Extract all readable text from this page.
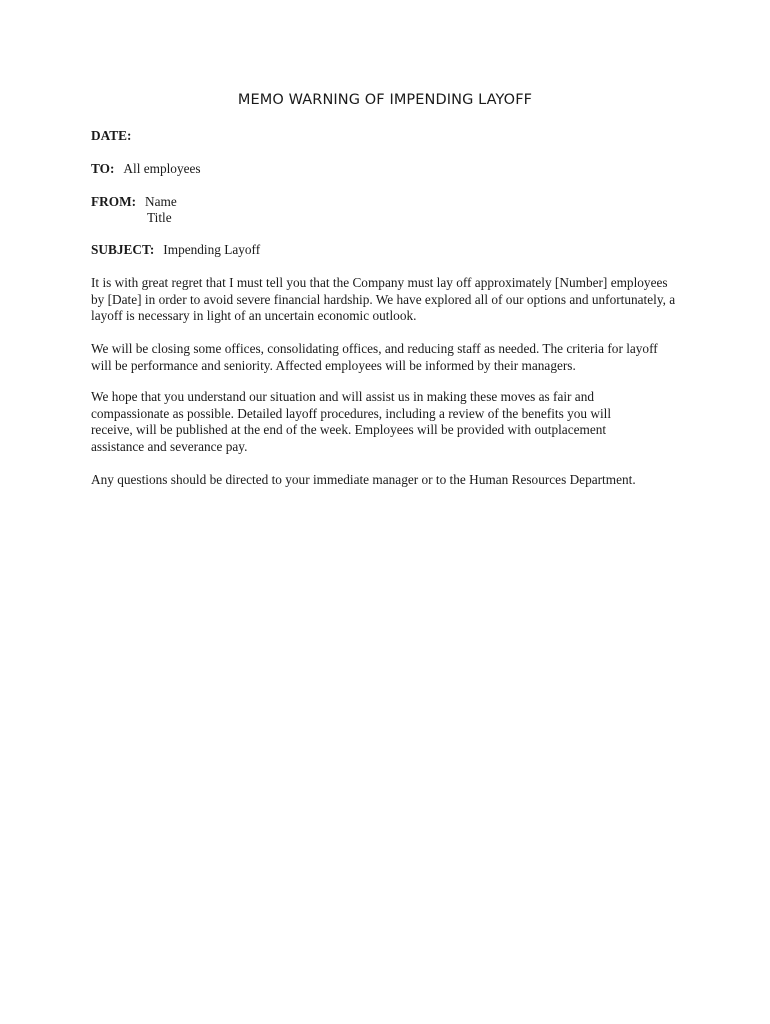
MEMO WARNING OF IMPENDING LAYOFF

DATE:

TO: All employees

FROM: Name

Title

SUBJECT: Impending Layoff

It is with great regret that I must tell you that the Company must lay off approximately [Number] employees by [Date] in order to avoid severe financial hardship. We have explored all of our options and unfortunately, a layoff is necessary in light of an uncertain economic outlook.

We will be closing some offices, consolidating offices, and reducing staff as needed. The criteria for layoff will be performance and seniority. Affected employees will be informed by their managers.

We hope that you understand our situation and will assist us in making these moves as fair and compassionate as possible. Detailed layoff procedures, including a review of the benefits you will receive, will be published at the end of the week. Employees will be provided with outplacement assistance and severance pay.

Any questions should be directed to your immediate manager or to the Human Resources Department.
